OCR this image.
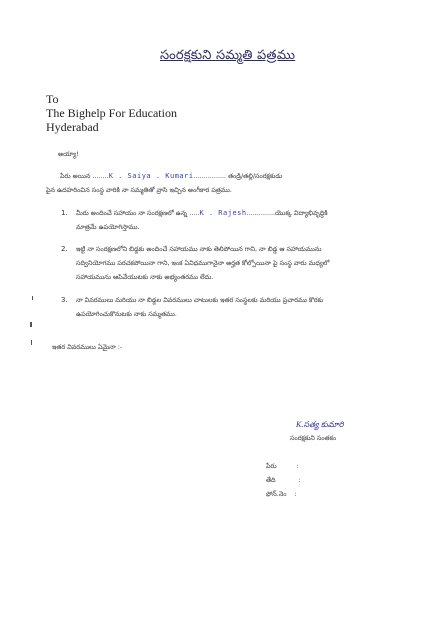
సంరక్షకుని సమ్మతి పత్రము
To
The Bighelp For Education
Hyderabad
అయ్యా!
పేరు అయిన ........K . Saiya . Kumari................ తండ్రి/తల్లి/సంరక్షకుడు
పైన ఉదహరించిన సంస్థ వారికి నా సమ్మతితో వ్రాసి ఇచ్చిన అంగీకార పత్రము.
1. మీరు అందించే సహాయం నా సంరక్షణలో ఉన్న .....K . Rajesh..............యొక్క విద్యాభివృద్ధికి
మాత్రమే ఉపయోగిస్తాము.
2. ఇట్టి నా సంరక్షణలోని బిడ్డకు అందించే సహాయము నాకు తెలిపోయిన గాని, నా బిడ్డ ఆ సహాయమును
సద్వినియోగము పరచకపోయినా గాని, ఇంక ఏవిధముగానైనా అర్హత కోల్పోయినా పై సంస్థ వారు మధ్యలో
సహాయమును ఆపివేయుటకు నాకు అభ్యంతరము లేదు.
3. నా వివరములు మరియు నా బిడ్డల వివరములు చాటులకు ఇతర సంస్థలకు మరియు ప్రచారము కొరకు
ఉపయోగించుకొనుటకు నాకు సమ్మతము.
ఇతర వివరములు ఏమైనా :-
K.సత్య కుమారి
సంరక్షకుని సంతకం
పేరు	:
తేది	:
ఫోన్.నెం :
